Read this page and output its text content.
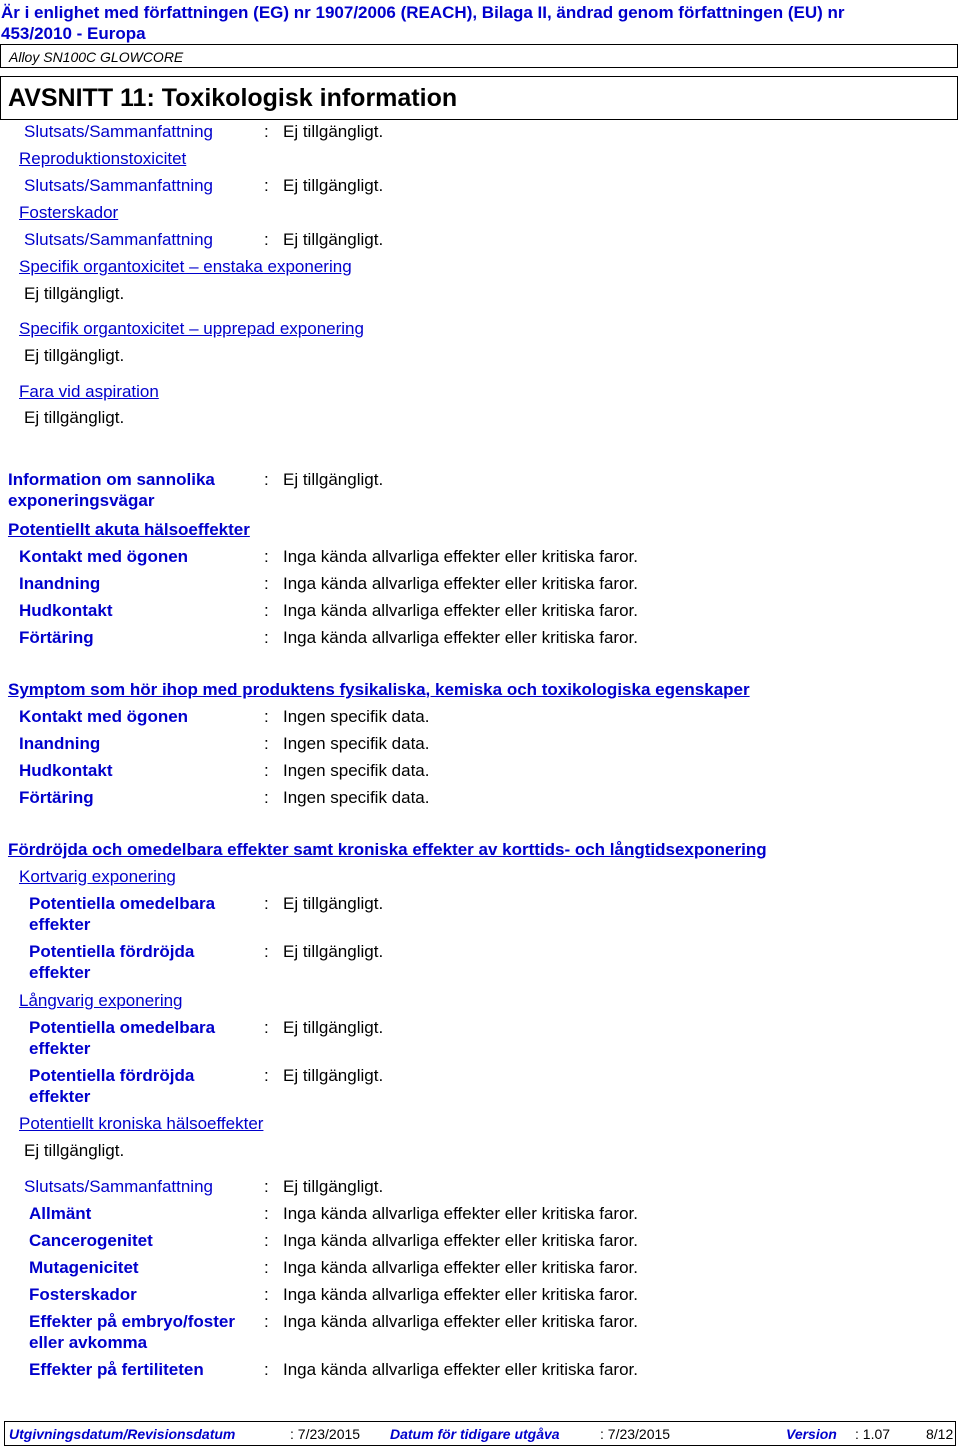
Är i enlighet med författningen (EG) nr 1907/2006 (REACH), Bilaga II, ändrad genom författningen (EU) nr
453/2010 - Europa
Alloy SN100C GLOWCORE
AVSNITT 11: Toxikologisk information
Slutsats/Sammanfattning	: Ej tillgängligt.
Reproduktionstoxicitet
Slutsats/Sammanfattning	: Ej tillgängligt.
Fosterskador
Slutsats/Sammanfattning	: Ej tillgängligt.
Specifik organtoxicitet – enstaka exponering
Ej tillgängligt.
Specifik organtoxicitet – upprepad exponering
Ej tillgängligt.
Fara vid aspiration
Ej tillgängligt.
Information om sannolika
exponeringsvägar
: Ej tillgängligt.
Potentiellt akuta hälsoeffekter
Kontakt med ögonen	: Inga kända allvarliga effekter eller kritiska faror.
Inandning	: Inga kända allvarliga effekter eller kritiska faror.
Hudkontakt	: Inga kända allvarliga effekter eller kritiska faror.
Förtäring	: Inga kända allvarliga effekter eller kritiska faror.
Symptom som hör ihop med produktens fysikaliska, kemiska och toxikologiska egenskaper
Kontakt med ögonen	: Ingen specifik data.
Inandning	: Ingen specifik data.
Hudkontakt	: Ingen specifik data.
Förtäring	: Ingen specifik data.
Fördröjda och omedelbara effekter samt kroniska effekter av korttids- och långtidsexponering
Kortvarig exponering
Potentiella omedelbara
effekter
: Ej tillgängligt.
Potentiella fördröjda
effekter
: Ej tillgängligt.
Långvarig exponering
Potentiella omedelbara
effekter
: Ej tillgängligt.
Potentiella fördröjda
effekter
: Ej tillgängligt.
Potentiellt kroniska hälsoeffekter
Ej tillgängligt.
Slutsats/Sammanfattning	: Ej tillgängligt.
Allmänt	: Inga kända allvarliga effekter eller kritiska faror.
Cancerogenitet	: Inga kända allvarliga effekter eller kritiska faror.
Mutagenicitet	: Inga kända allvarliga effekter eller kritiska faror.
Fosterskador	: Inga kända allvarliga effekter eller kritiska faror.
Effekter på embryo/foster
eller avkomma
: Inga kända allvarliga effekter eller kritiska faror.
Effekter på fertiliteten	: Inga kända allvarliga effekter eller kritiska faror.
Utgivningsdatum/Revisionsdatum	: 7/23/2015 Datum för tidigare utgåva	: 7/23/2015	Version : 1.07	8/12
